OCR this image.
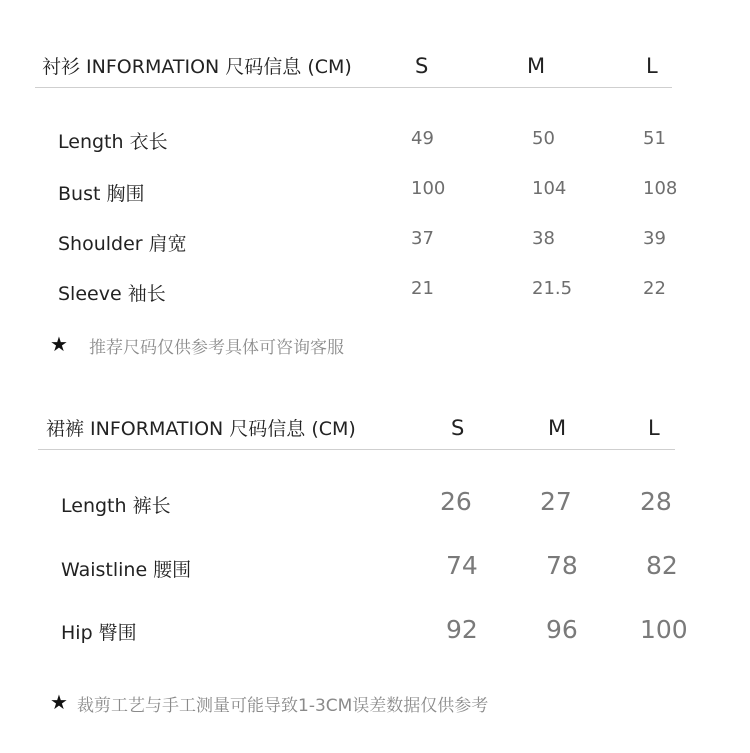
衬衫 INFORMATION 尺码信息 (CM)	S	M	L
Length 衣长	49	50	51
Bust 胸围	100	104	108
Shoulder 肩宽	37	38	39
Sleeve 袖长	21	21.5	22
★ 推荐尺码仅供参考具体可咨询客服
裙裤 INFORMATION 尺码信息 (CM)	S	M	L
Length 裤长	26	27	28
Waistline 腰围	74	78	82
Hip 臀围	92	96 100
★ 裁剪工艺与手工测量可能导致1-3CM误差数据仅供参考
